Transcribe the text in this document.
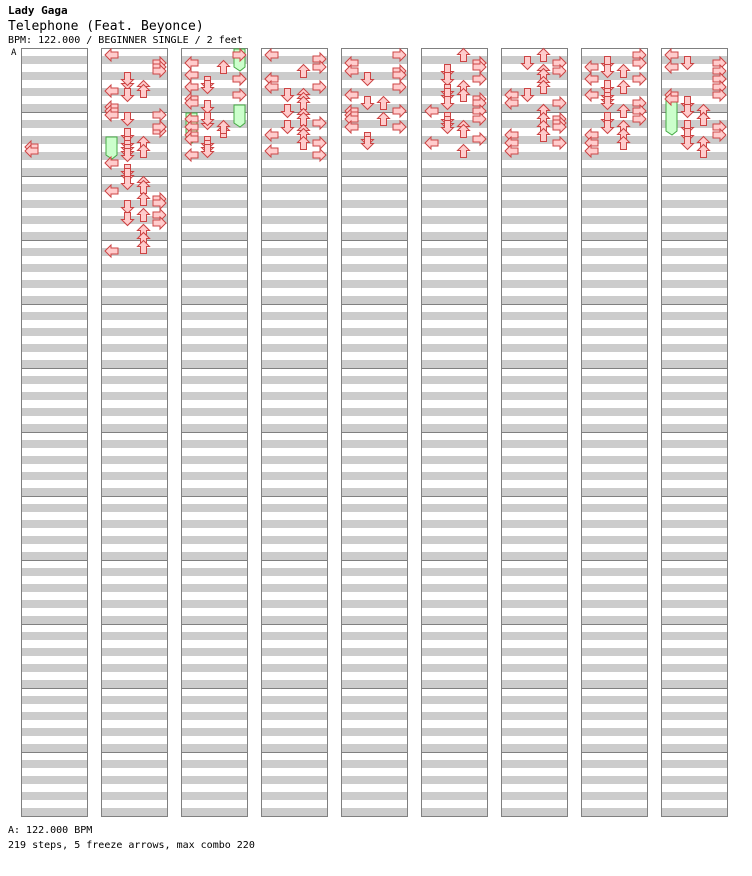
Lady Gaga
Telephone (Feat. Beyonce)
BPM: 122.000 / BEGINNER SINGLE / 2 feet
A
A: 122.000 BPM
219 steps, 5 freeze arrows, max combo 220
